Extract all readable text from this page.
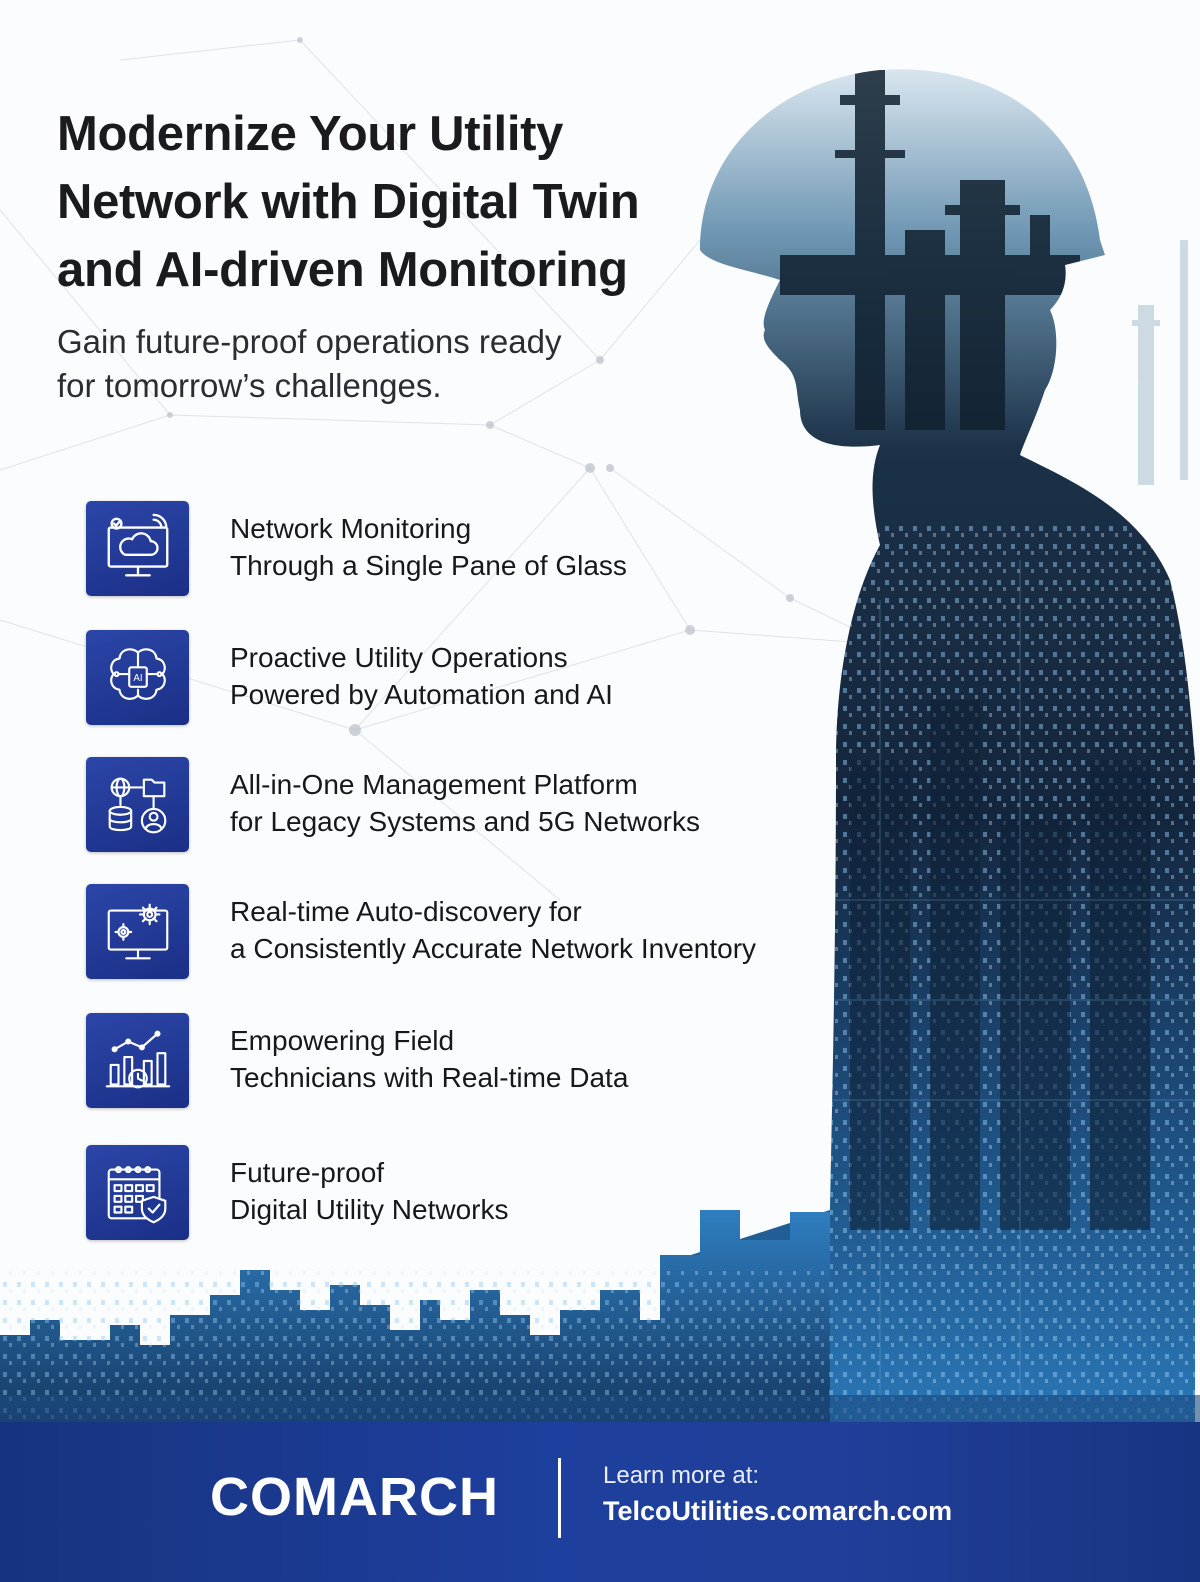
Modernize Your Utility
Network with Digital Twin
and AI-driven Monitoring

Gain future-proof operations ready
for tomorrow’s challenges.

Network Monitoring
Through a Single Pane of Glass
AI
Proactive Utility Operations
Powered by Automation and AI
All-in-One Management Platform
for Legacy Systems and 5G Networks
Real-time Auto-discovery for
a Consistently Accurate Network Inventory
Empowering Field
Technicians with Real-time Data
Future-proof
Digital Utility Networks
COMARCH	Learn more at:
TelcoUtilities.comarch.com
